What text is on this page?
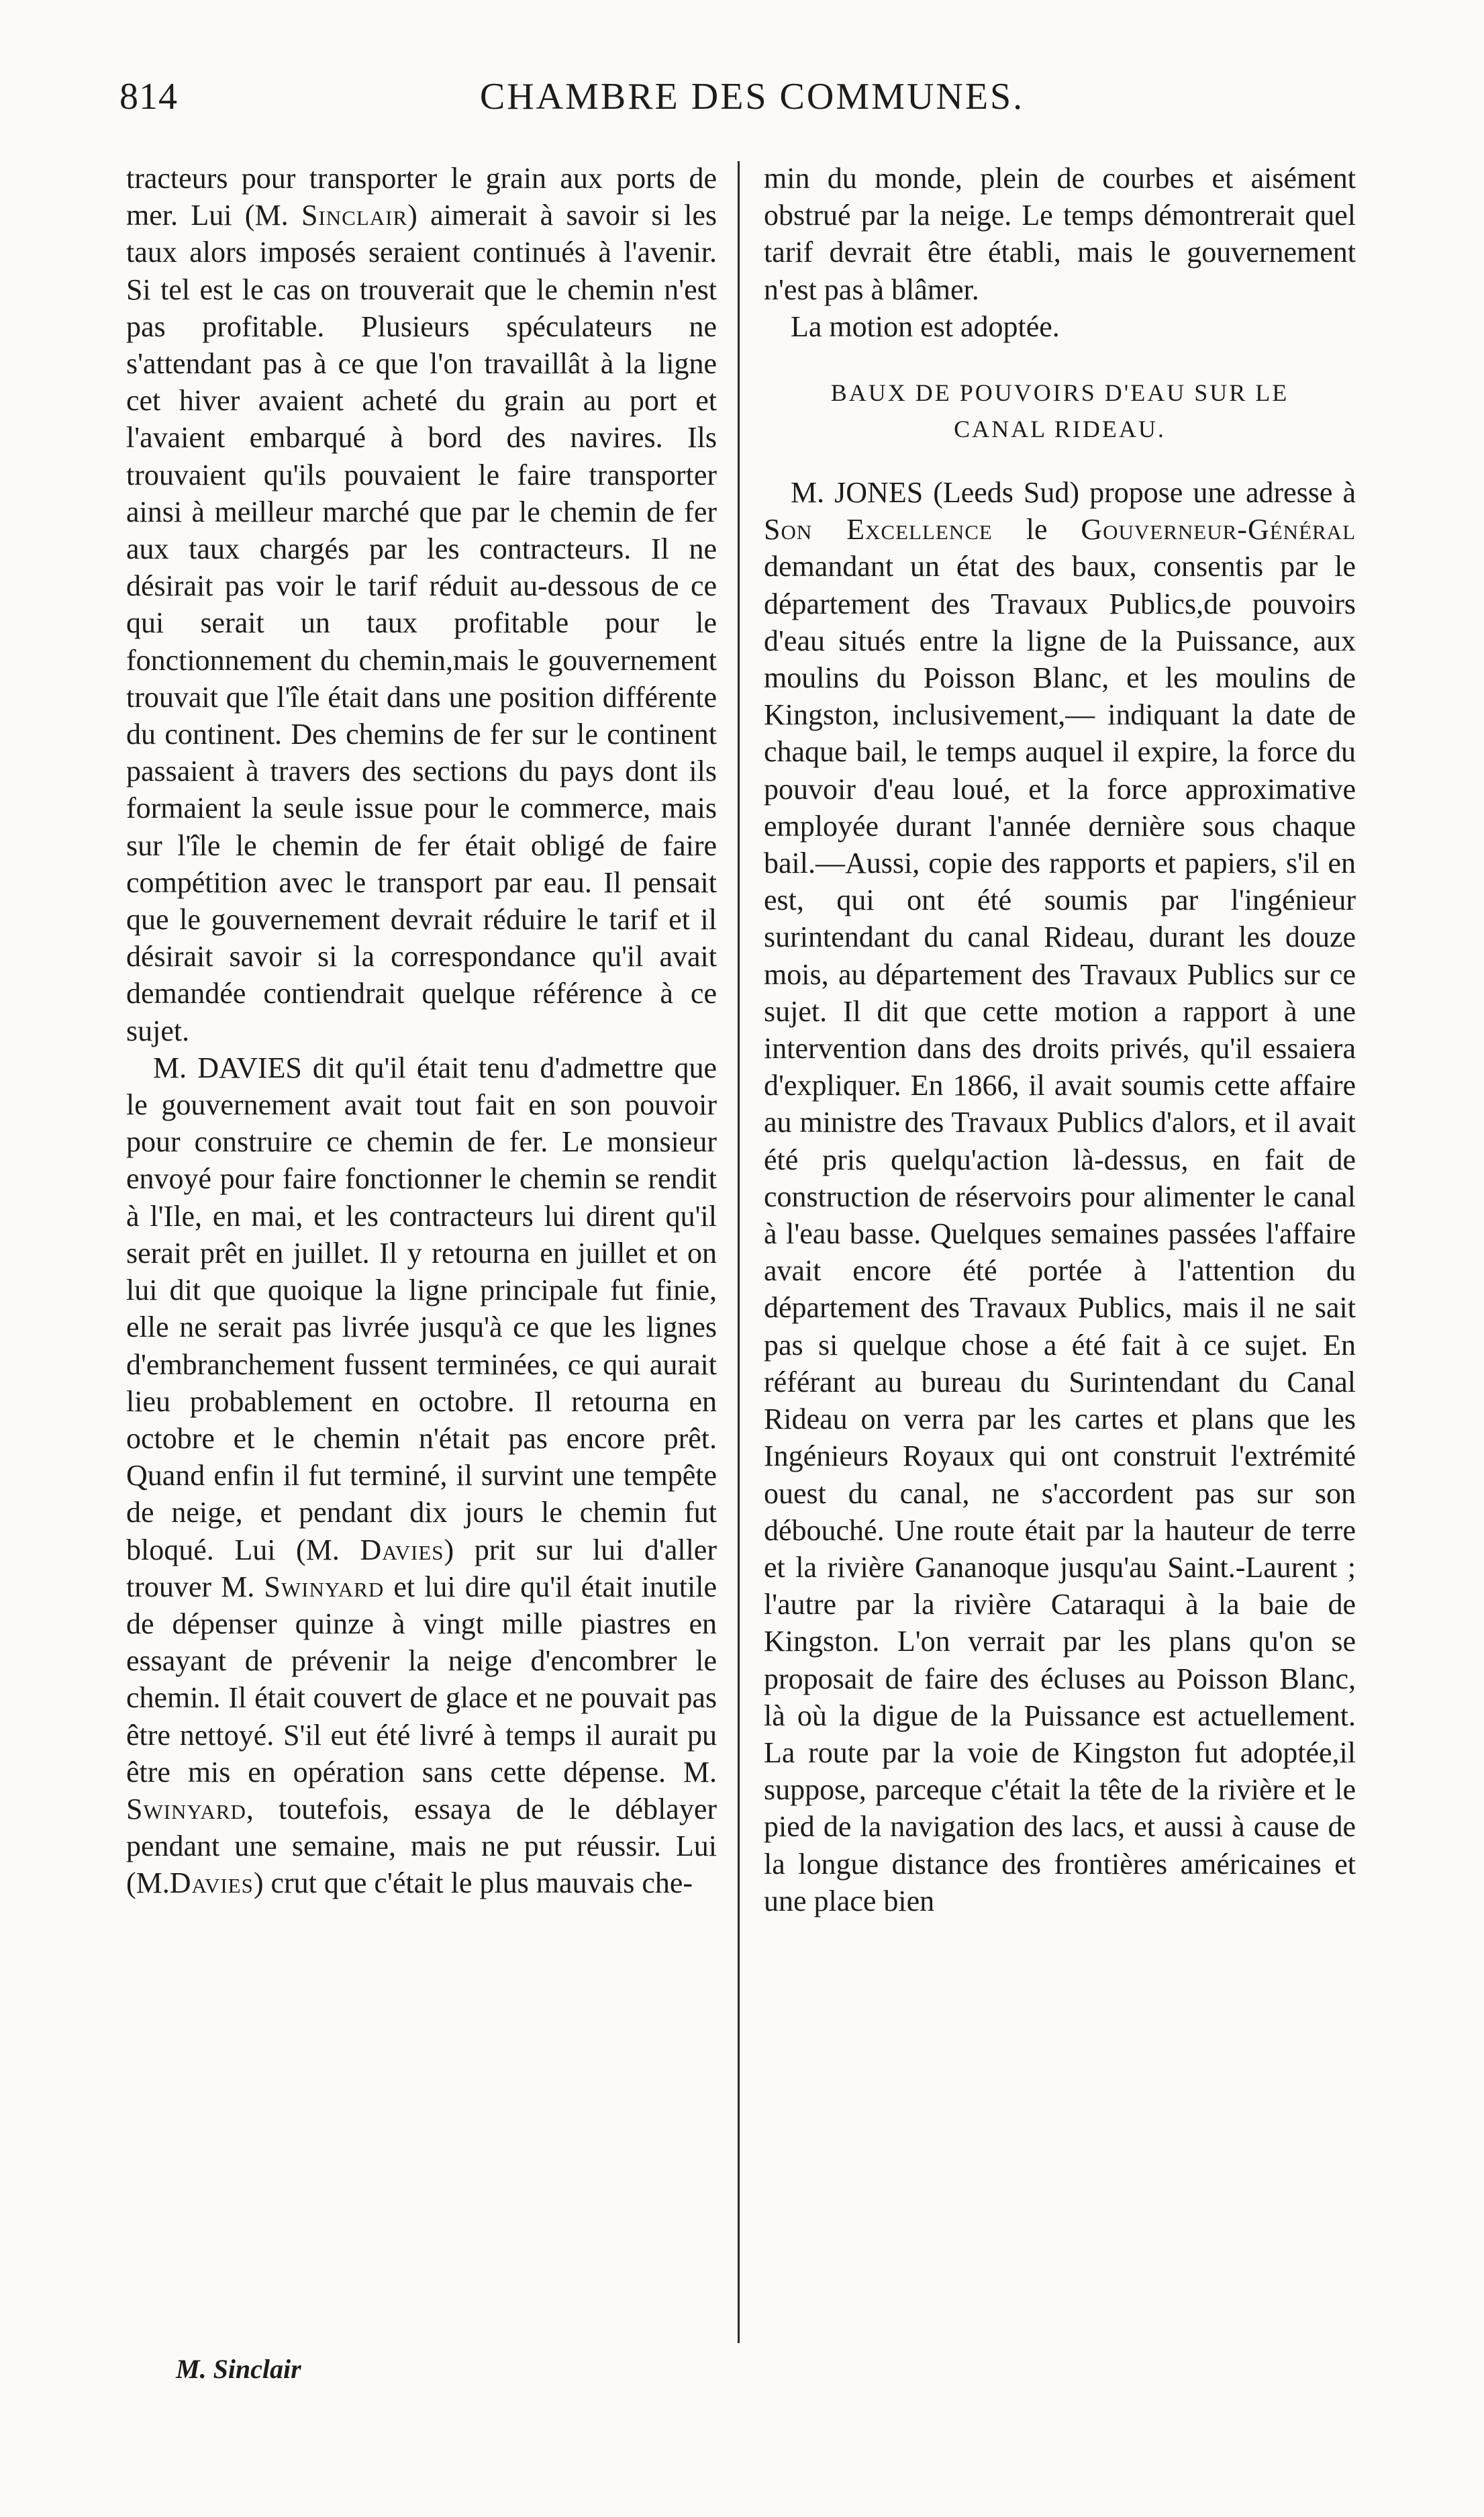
814	CHAMBRE DES COMMUNES.

tracteurs pour transporter le grain aux ports de mer. Lui (M. Sinclair) aimerait à savoir si les taux alors imposés seraient continués à l'avenir. Si tel est le cas on trouverait que le chemin n'est pas profitable. Plusieurs spéculateurs ne s'attendant pas à ce que l'on travaillât à la ligne cet hiver avaient acheté du grain au port et l'avaient embarqué à bord des navires. Ils trouvaient qu'ils pouvaient le faire transporter ainsi à meilleur marché que par le chemin de fer aux taux chargés par les contracteurs. Il ne désirait pas voir le tarif réduit au-dessous de ce qui serait un taux profitable pour le fonctionnement du chemin,mais le gouvernement trouvait que l'île était dans une position différente du continent. Des chemins de fer sur le continent passaient à travers des sections du pays dont ils formaient la seule issue pour le commerce, mais sur l'île le chemin de fer était obligé de faire compétition avec le transport par eau. Il pensait que le gouvernement devrait réduire le tarif et il désirait savoir si la correspondance qu'il avait demandée contiendrait quelque référence à ce sujet.

M. DAVIES dit qu'il était tenu d'admettre que le gouvernement avait tout fait en son pouvoir pour construire ce chemin de fer. Le monsieur envoyé pour faire fonctionner le chemin se rendit à l'Ile, en mai, et les contracteurs lui dirent qu'il serait prêt en juillet. Il y retourna en juillet et on lui dit que quoique la ligne principale fut finie, elle ne serait pas livrée jusqu'à ce que les lignes d'embranchement fussent terminées, ce qui aurait lieu probablement en octobre. Il retourna en octobre et le chemin n'était pas encore prêt. Quand enfin il fut terminé, il survint une tempête de neige, et pendant dix jours le chemin fut bloqué. Lui (M. Davies) prit sur lui d'aller trouver M. Swinyard et lui dire qu'il était inutile de dépenser quinze à vingt mille piastres en essayant de prévenir la neige d'encombrer le chemin. Il était couvert de glace et ne pouvait pas être nettoyé. S'il eut été livré à temps il aurait pu être mis en opération sans cette dépense. M. Swinyard, toutefois, essaya de le déblayer pendant une semaine, mais ne put réussir. Lui (M.Davies) crut que c'était le plus mauvais che-

min du monde, plein de courbes et aisément obstrué par la neige. Le temps démontrerait quel tarif devrait être établi, mais le gouvernement n'est pas à blâmer.

La motion est adoptée.

BAUX DE POUVOIRS D'EAU SUR LE CANAL RIDEAU.

M. JONES (Leeds Sud) propose une adresse à Son Excellence le Gouverneur-Général demandant un état des baux, consentis par le département des Travaux Publics,de pouvoirs d'eau situés entre la ligne de la Puissance, aux moulins du Poisson Blanc, et les moulins de Kingston, inclusivement,— indiquant la date de chaque bail, le temps auquel il expire, la force du pouvoir d'eau loué, et la force approximative employée durant l'année dernière sous chaque bail.—Aussi, copie des rapports et papiers, s'il en est, qui ont été soumis par l'ingénieur surintendant du canal Rideau, durant les douze mois, au département des Travaux Publics sur ce sujet. Il dit que cette motion a rapport à une intervention dans des droits privés, qu'il essaiera d'expliquer. En 1866, il avait soumis cette affaire au ministre des Travaux Publics d'alors, et il avait été pris quelqu'action là-dessus, en fait de construction de réservoirs pour alimenter le canal à l'eau basse. Quelques semaines passées l'affaire avait encore été portée à l'attention du département des Travaux Publics, mais il ne sait pas si quelque chose a été fait à ce sujet. En référant au bureau du Surintendant du Canal Rideau on verra par les cartes et plans que les Ingénieurs Royaux qui ont construit l'extrémité ouest du canal, ne s'accordent pas sur son débouché. Une route était par la hauteur de terre et la rivière Gananoque jusqu'au Saint.-Laurent ; l'autre par la rivière Cataraqui à la baie de Kingston. L'on verrait par les plans qu'on se proposait de faire des écluses au Poisson Blanc, là où la digue de la Puissance est actuellement. La route par la voie de Kingston fut adoptée,il suppose, parceque c'était la tête de la rivière et le pied de la navigation des lacs, et aussi à cause de la longue distance des frontières américaines et une place bien

M. Sinclair
